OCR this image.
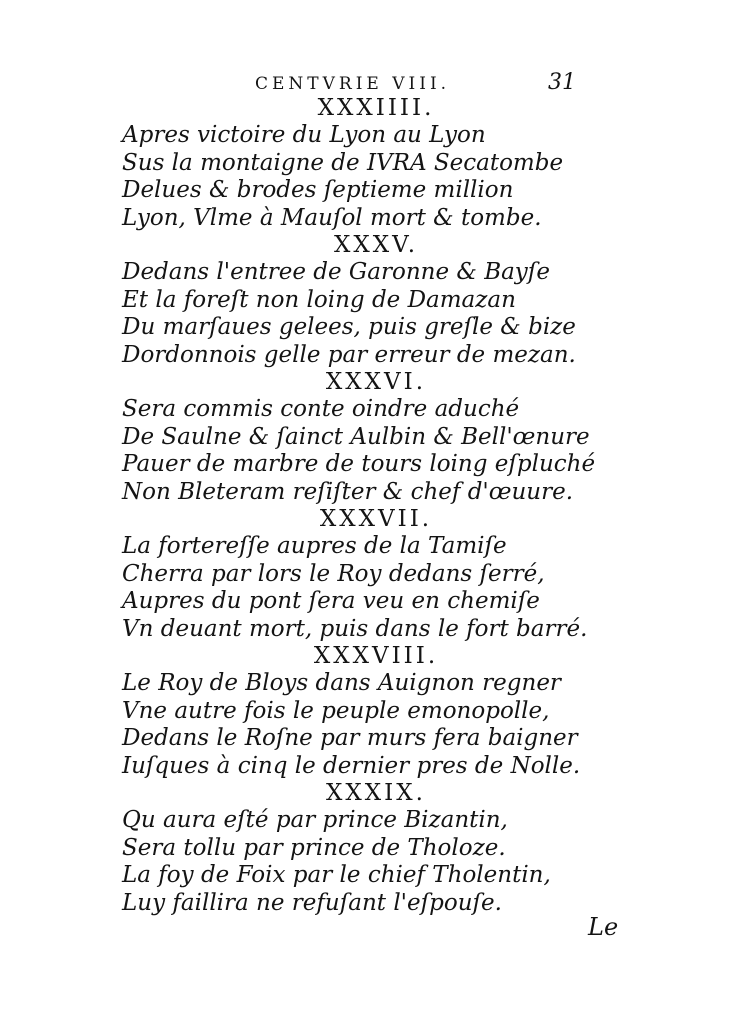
CENTVRIE VIII.	31
XXXIIII.
Apres victoire du Lyon au Lyon
Sus la montaigne de IVRA Secatombe
Delues & brodes ſeptieme million
Lyon, Vlme à Mauſol mort & tombe.
XXXV.
Dedans l'entree de Garonne & Bayſe
Et la foreſt non loing de Damazan
Du marſaues gelees, puis greſle & bize
Dordonnois gelle par erreur de mezan.
XXXVI.
Sera commis conte oindre aduché
De Saulne & ſainct Aulbin & Bell'œnure
Pauer de marbre de tours loing eſpluché
Non Bleteram reſiſter & chef d'œuure.
XXXVII.
La fortereſſe aupres de la Tamiſe
Cherra par lors le Roy dedans ſerré,
Aupres du pont ſera veu en chemiſe
Vn deuant mort, puis dans le fort barré.
XXXVIII.
Le Roy de Bloys dans Auignon regner
Vne autre fois le peuple emonopolle,
Dedans le Roſne par murs fera baigner
Iuſques à cinq le dernier pres de Nolle.
XXXIX.
Qu aura eſté par prince Bizantin,
Sera tollu par prince de Tholoze.
La foy de Foix par le chief Tholentin,
Luy faillira ne refuſant l'eſpouſe.
Le
